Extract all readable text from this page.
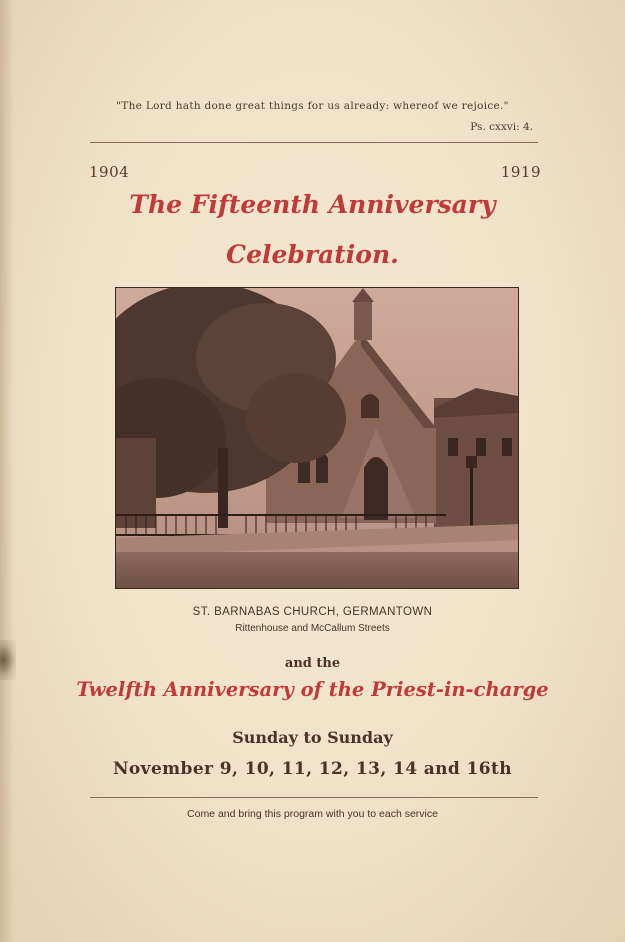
"The Lord hath done great things for us already: whereof we rejoice."
Ps. cxxvi: 4.
1904	1919
The Fifteenth Anniversary
Celebration.
ST. BARNABAS CHURCH, GERMANTOWN
Rittenhouse and McCallum Streets
and the
Twelfth Anniversary of the Priest-in-charge
Sunday to Sunday
November 9, 10, 11, 12, 13, 14 and 16th
Come and bring this program with you to each service
